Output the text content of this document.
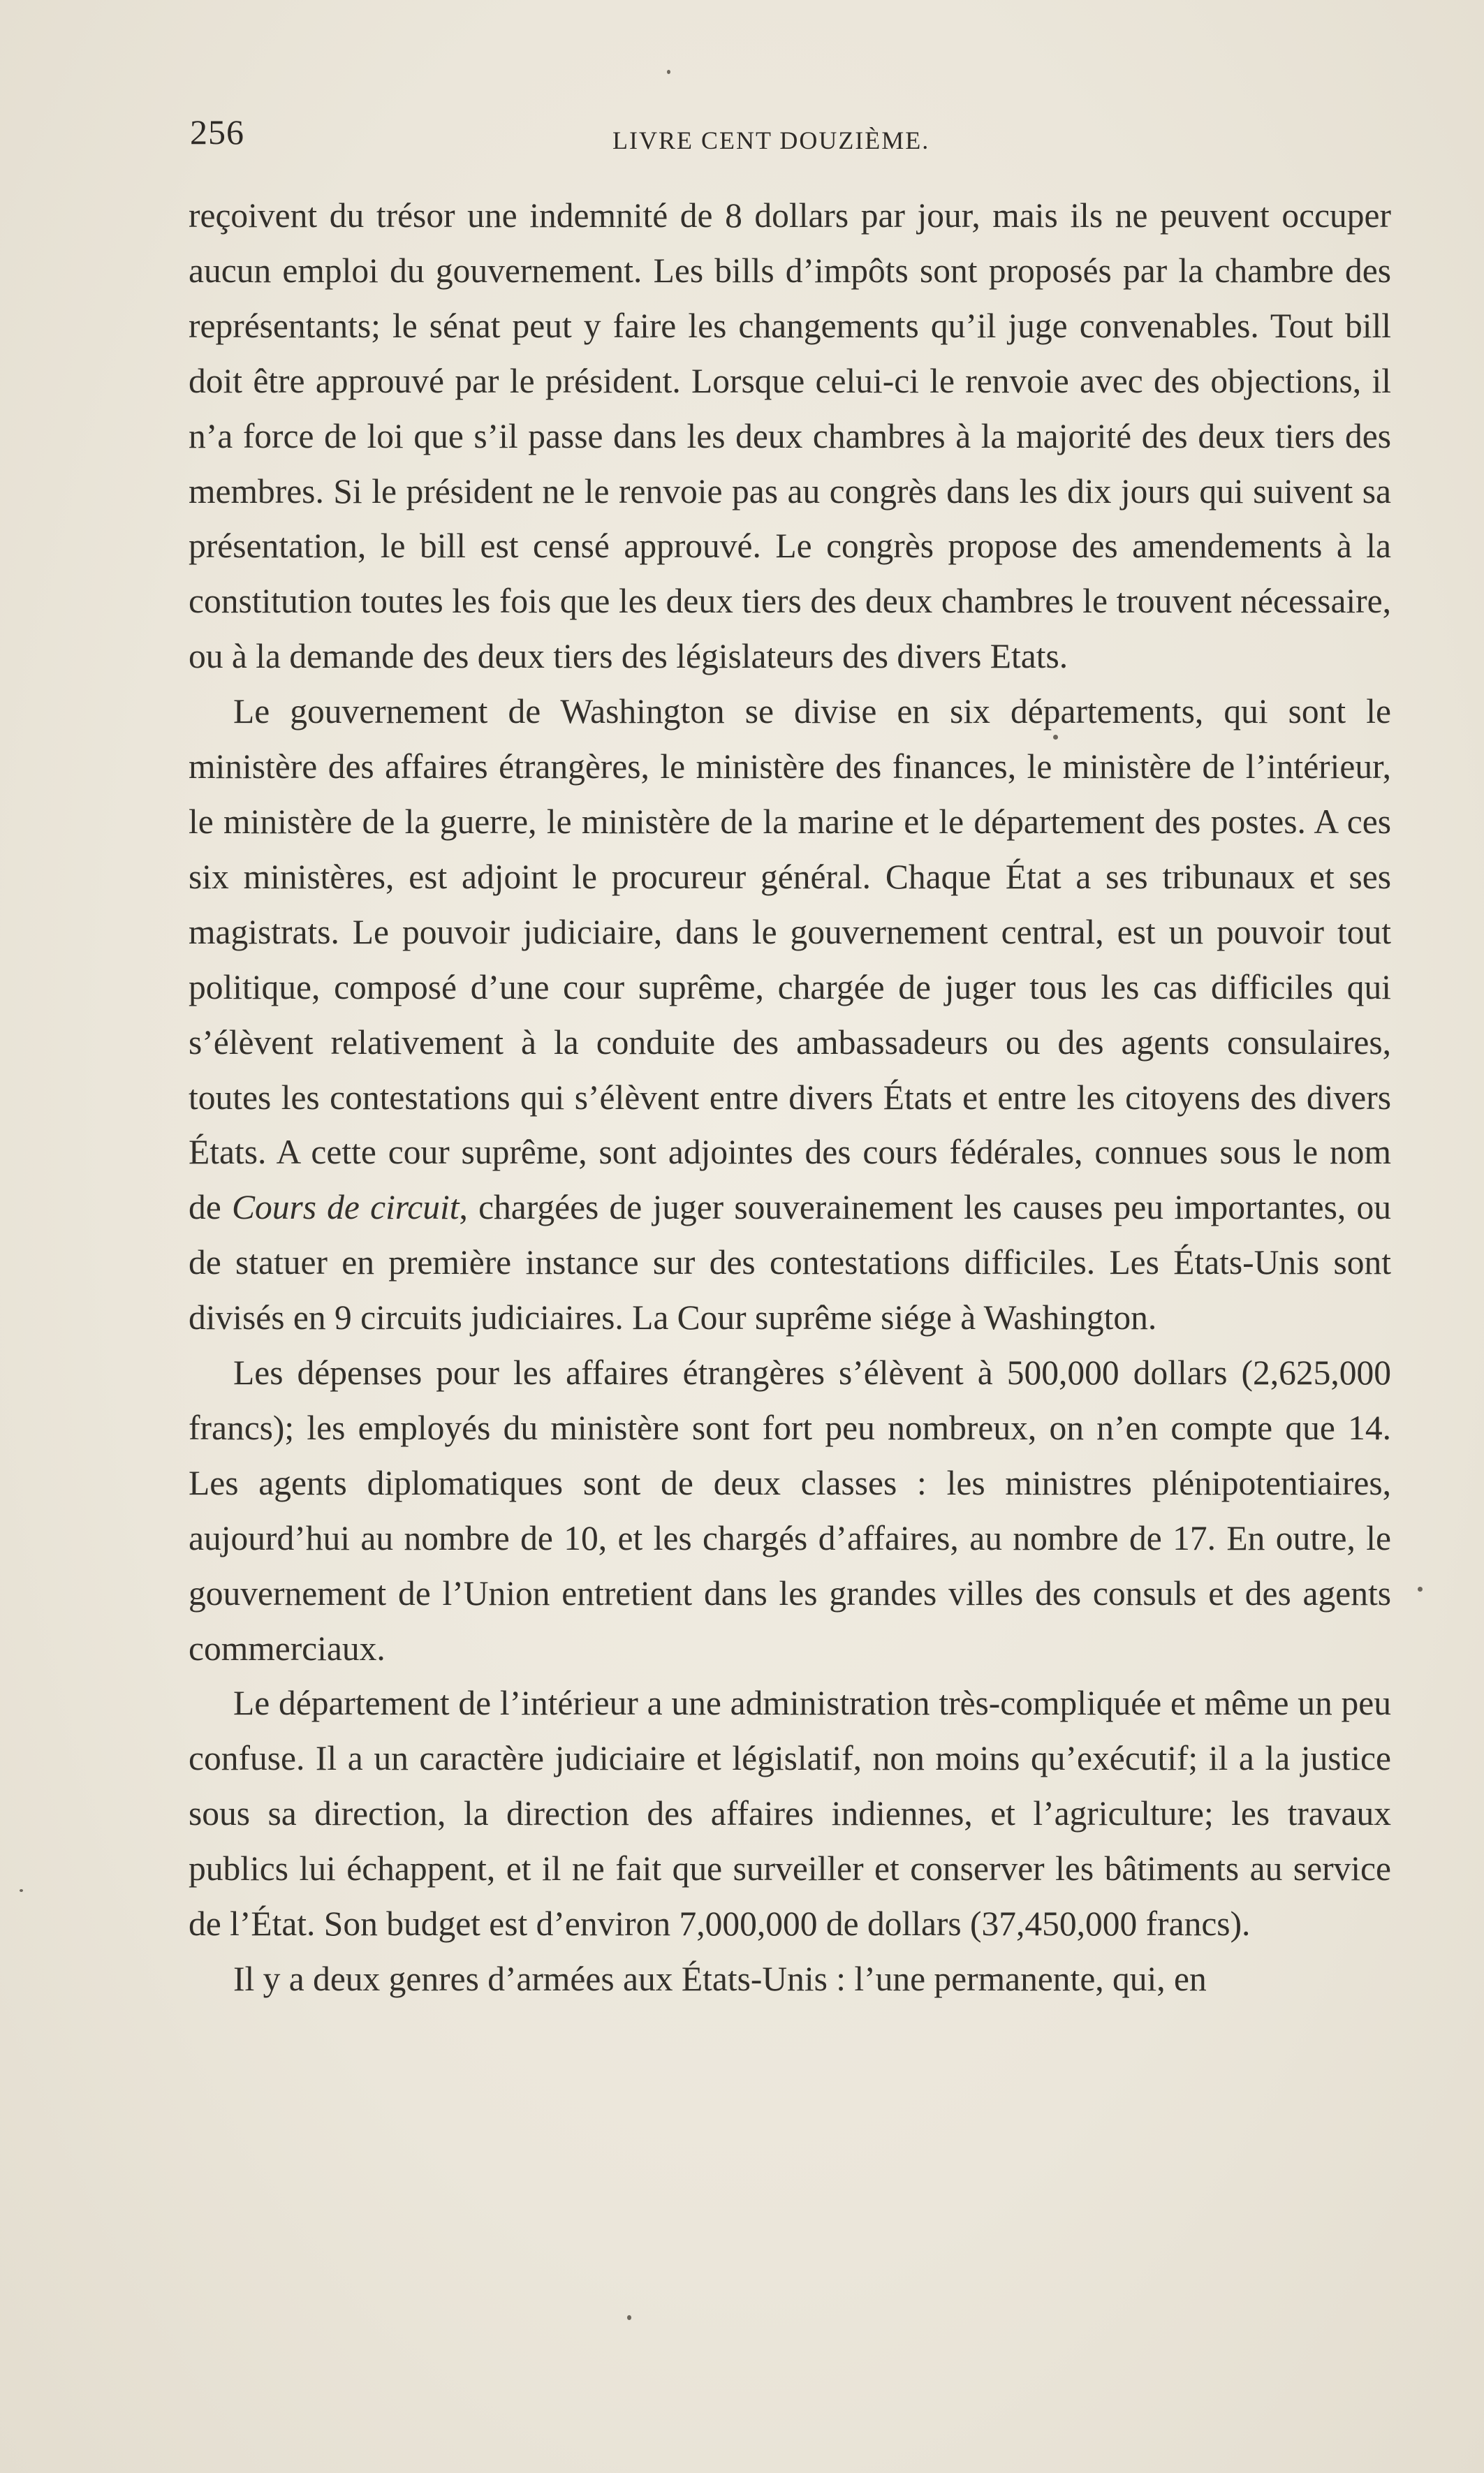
256	LIVRE CENT DOUZIÈME.

reçoivent du trésor une indemnité de 8 dollars par jour, mais ils ne peuvent occuper aucun emploi du gouvernement. Les bills d’impôts sont proposés par la chambre des représentants; le sénat peut y faire les changements qu’il juge convenables. Tout bill doit être approuvé par le président. Lorsque celui-ci le renvoie avec des objections, il n’a force de loi que s’il passe dans les deux chambres à la majorité des deux tiers des membres. Si le président ne le renvoie pas au congrès dans les dix jours qui suivent sa présentation, le bill est censé approuvé. Le congrès propose des amendements à la constitution toutes les fois que les deux tiers des deux chambres le trouvent nécessaire, ou à la demande des deux tiers des législateurs des divers Etats.

Le gouvernement de Washington se divise en six départements, qui sont le ministère des affaires étrangères, le ministère des finances, le ministère de l’intérieur, le ministère de la guerre, le ministère de la marine et le département des postes. A ces six ministères, est adjoint le procureur général. Chaque État a ses tribunaux et ses magistrats. Le pouvoir judiciaire, dans le gouvernement central, est un pouvoir tout politique, composé d’une cour suprême, chargée de juger tous les cas difficiles qui s’élèvent relativement à la conduite des ambassadeurs ou des agents consulaires, toutes les contestations qui s’élèvent entre divers États et entre les citoyens des divers États. A cette cour suprême, sont adjointes des cours fédérales, connues sous le nom de Cours de circuit, chargées de juger souverainement les causes peu importantes, ou de statuer en première instance sur des contestations difficiles. Les États-Unis sont divisés en 9 circuits judiciaires. La Cour suprême siége à Washington.

Les dépenses pour les affaires étrangères s’élèvent à 500,000 dollars (2,625,000 francs); les employés du ministère sont fort peu nombreux, on n’en compte que 14. Les agents diplomatiques sont de deux classes : les ministres plénipotentiaires, aujourd’hui au nombre de 10, et les chargés d’affaires, au nombre de 17. En outre, le gouvernement de l’Union entretient dans les grandes villes des consuls et des agents commerciaux.

Le département de l’intérieur a une administration très-compliquée et même un peu confuse. Il a un caractère judiciaire et législatif, non moins qu’exécutif; il a la justice sous sa direction, la direction des affaires indiennes, et l’agriculture; les travaux publics lui échappent, et il ne fait que surveiller et conserver les bâtiments au service de l’État. Son budget est d’environ 7,000,000 de dollars (37,450,000 francs).

Il y a deux genres d’armées aux États-Unis : l’une permanente, qui, en
